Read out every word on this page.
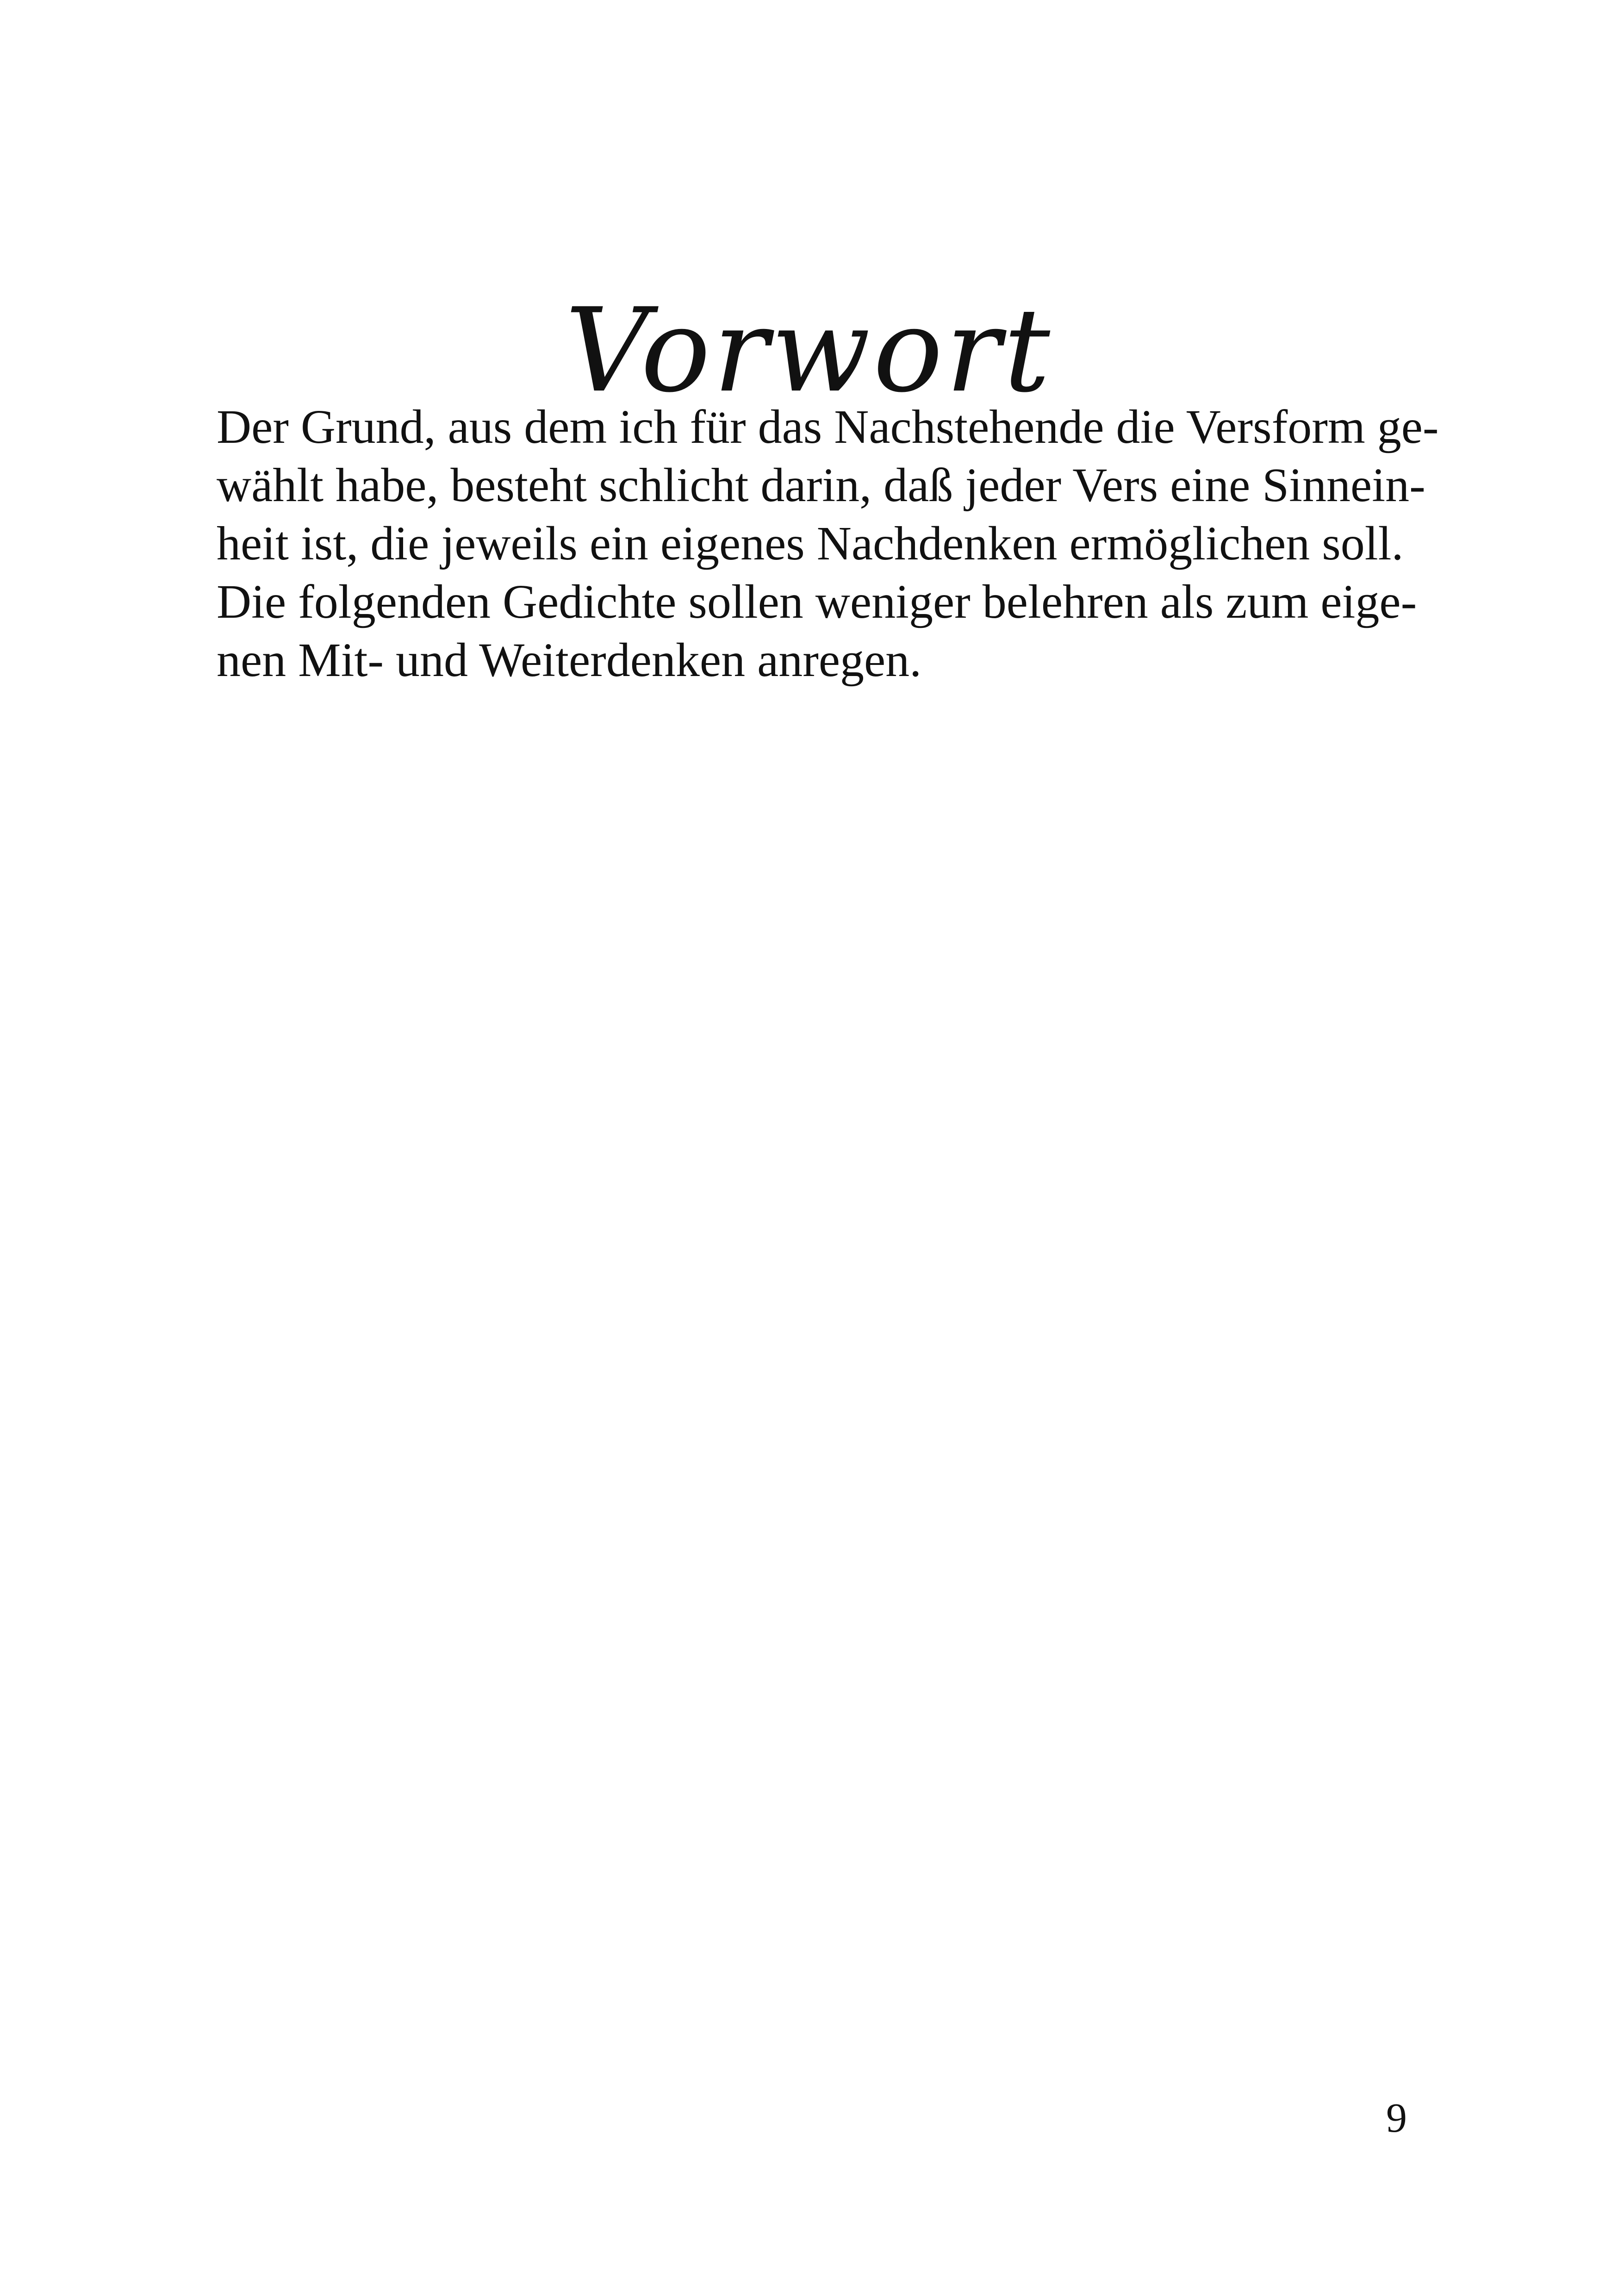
Vorwort
Der Grund, aus dem ich für das Nachstehende die Versform ge-
wählt habe, besteht schlicht darin, daß jeder Vers eine Sinnein-
heit ist, die jeweils ein eigenes Nachdenken ermöglichen soll.
Die folgenden Gedichte sollen weniger belehren als zum eige-
nen Mit- und Weiterdenken anregen.
9
